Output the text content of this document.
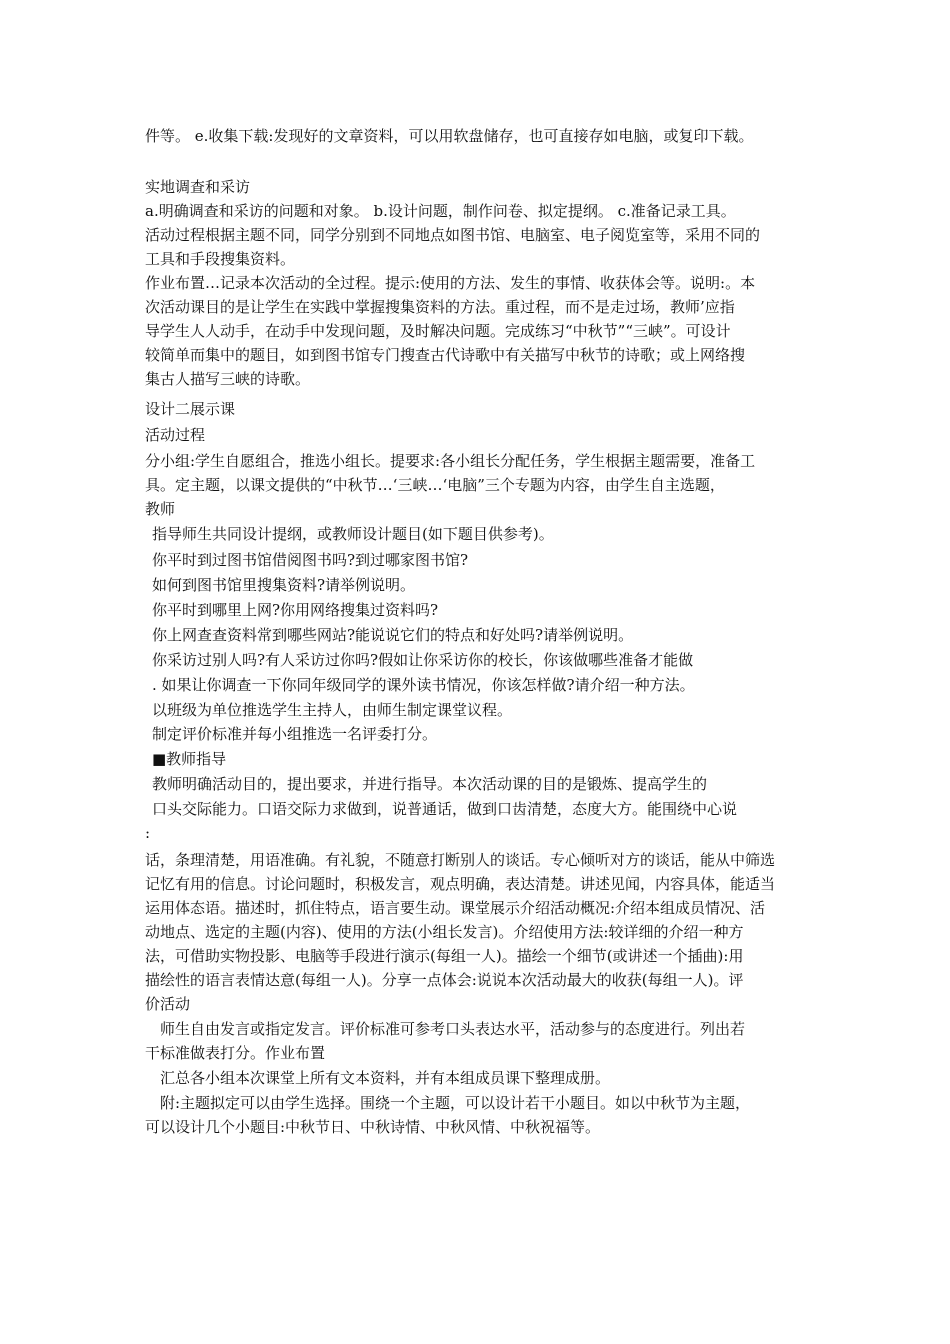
件等。 e.收集下载:发现好的文章资料，可以用软盘储存，也可直接存如电脑，或复印下载。
实地调查和采访
a.明确调查和采访的问题和对象。 b.设计问题，制作问卷、拟定提纲。 c.准备记录工具。
活动过程根据主题不同，同学分别到不同地点如图书馆、电脑室、电子阅览室等，采用不同的
工具和手段搜集资料。
作业布置…记录本次活动的全过程。提示:使用的方法、发生的事情、收获体会等。说明:。本
次活动课目的是让学生在实践中掌握搜集资料的方法。重过程，而不是走过场，教师’应指
导学生人人动手，在动手中发现问题，及时解决问题。完成练习“中秋节”“三峡”。可设计
较简单而集中的题目，如到图书馆专门搜查古代诗歌中有关描写中秋节的诗歌；或上网络搜
集古人描写三峡的诗歌。
设计二展示课
活动过程
分小组:学生自愿组合，推选小组长。提要求:各小组长分配任务，学生根据主题需要，准备工
具。定主题，以课文提供的“中秋节…‘三峡…‘电脑”三个专题为内容，由学生自主选题，
教师
指导师生共同设计提纲，或教师设计题目(如下题目供参考)。
你平时到过图书馆借阅图书吗?到过哪家图书馆?
如何到图书馆里搜集资料?请举例说明。
你平时到哪里上网?你用网络搜集过资料吗?
你上网查查资料常到哪些网站?能说说它们的特点和好处吗?请举例说明。
你采访过别人吗?有人采访过你吗?假如让你采访你的校长，你该做哪些准备才能做
. 如果让你调查一下你同年级同学的课外读书情况，你该怎样做?请介绍一种方法。
以班级为单位推选学生主持人，由师生制定课堂议程。
制定评价标准并每小组推选一名评委打分。
■教师指导
教师明确活动目的，提出要求，并进行指导。本次活动课的目的是锻炼、提高学生的
口头交际能力。口语交际力求做到，说普通话，做到口齿清楚，态度大方。能围绕中心说
:
话，条理清楚，用语准确。有礼貌，不随意打断别人的谈话。专心倾听对方的谈话，能从中筛选
记忆有用的信息。讨论问题时，积极发言，观点明确，表达清楚。讲述见闻，内容具体，能适当
运用体态语。描述时，抓住特点，语言要生动。课堂展示介绍活动概况:介绍本组成员情况、活
动地点、选定的主题(内容)、使用的方法(小组长发言)。介绍使用方法:较详细的介绍一种方
法，可借助实物投影、电脑等手段进行演示(每组一人)。描绘一个细节(或讲述一个插曲):用
描绘性的语言表情达意(每组一人)。分享一点体会:说说本次活动最大的收获(每组一人)。评
价活动
师生自由发言或指定发言。评价标准可参考口头表达水平，活动参与的态度进行。列出若
干标准做表打分。作业布置
汇总各小组本次课堂上所有文本资料，并有本组成员课下整理成册。
附:主题拟定可以由学生选择。围绕一个主题，可以设计若干小题目。如以中秋节为主题，
可以设计几个小题目:中秋节日、中秋诗情、中秋风情、中秋祝福等。
